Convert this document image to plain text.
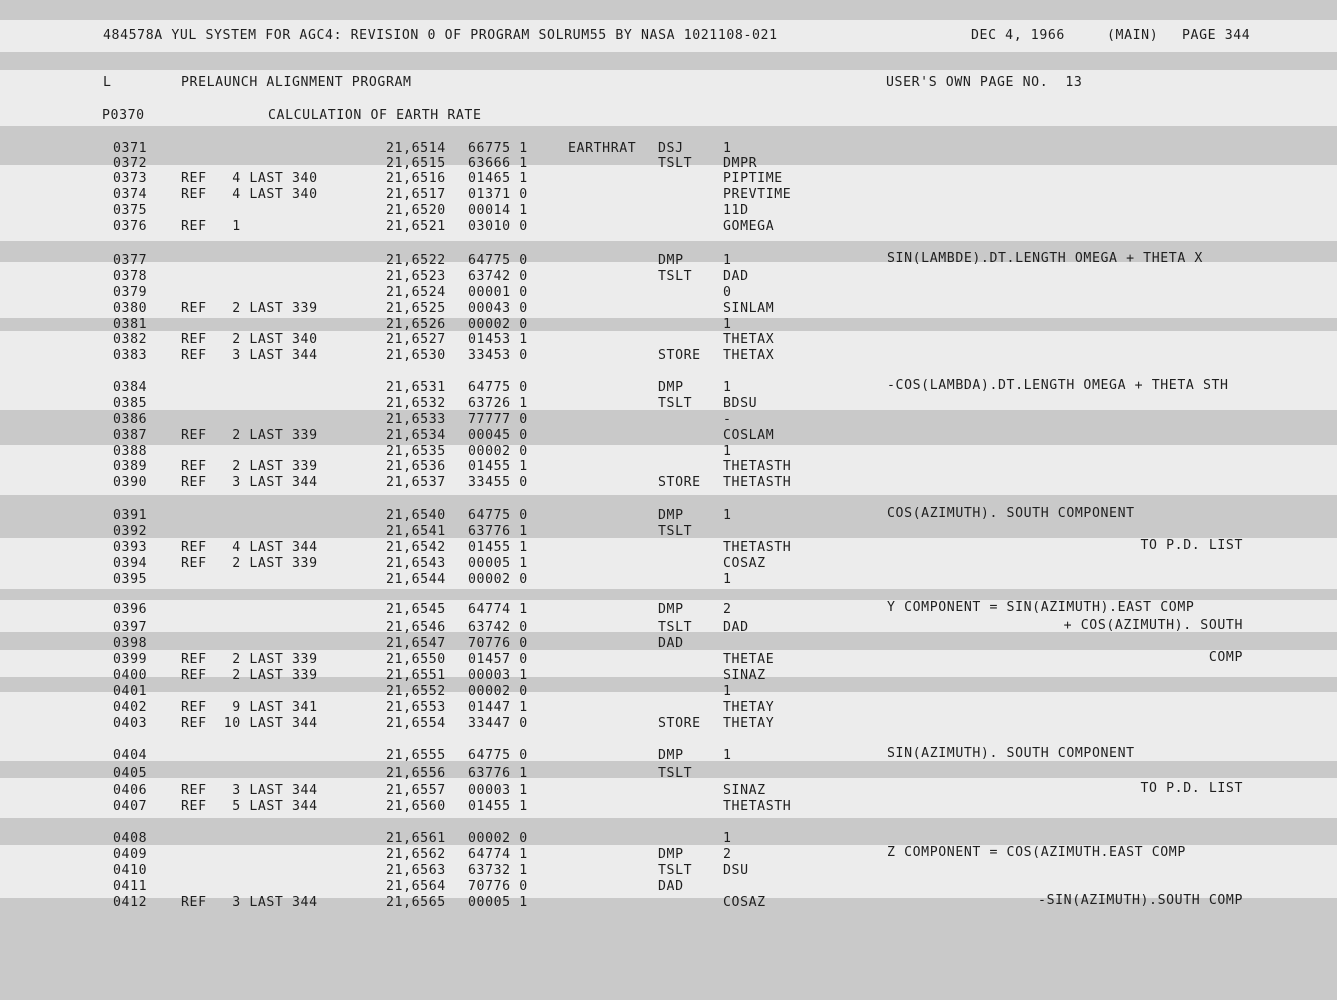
484578A YUL SYSTEM FOR AGC4: REVISION 0 OF PROGRAM SOLRUM55 BY NASA 1021108-021	DEC 4, 1966	(MAIN) PAGE 344
L	PRELAUNCH ALIGNMENT PROGRAM	USER'S OWN PAGE NO.  13
P0370	CALCULATION OF EARTH RATE
0371	21,6514 66775 1	EARTHRAT DSJ	1
0372	21,6515 63666 1	TSLT DMPR
0373	REF   4 LAST 340	21,6516 01465 1	PIPTIME
0374	REF   4 LAST 340	21,6517 01371 0	PREVTIME
0375	21,6520 00014 1	11D
0376	REF   1	21,6521 03010 0	GOMEGA
0377	21,6522 64775 0	DMP	1	SIN(LAMBDE).DT.LENGTH OMEGA + THETA X
0378	21,6523 63742 0	TSLT DAD
0379	21,6524 00001 0	0
0380	REF   2 LAST 339	21,6525 00043 0	SINLAM
0381	21,6526 00002 0	1
0382	REF   2 LAST 340	21,6527 01453 1	THETAX
0383	REF   3 LAST 344	21,6530 33453 0	STORE THETAX
0384	21,6531 64775 0	DMP	1	-COS(LAMBDA).DT.LENGTH OMEGA + THETA STH
0385	21,6532 63726 1	TSLT BDSU
0386	21,6533 77777 0	-
0387	REF   2 LAST 339	21,6534 00045 0	COSLAM
0388	21,6535 00002 0	1
0389	REF   2 LAST 339	21,6536 01455 1	THETASTH
0390	REF   3 LAST 344	21,6537 33455 0	STORE THETASTH
0391	21,6540 64775 0	DMP	1	COS(AZIMUTH). SOUTH COMPONENT
0392	21,6541 63776 1	TSLT
0393	REF   4 LAST 344	21,6542 01455 1	THETASTH	TO P.D. LIST
0394	REF   2 LAST 339	21,6543 00005 1	COSAZ
0395	21,6544 00002 0	1
0396	21,6545 64774 1	DMP	2	Y COMPONENT = SIN(AZIMUTH).EAST COMP
0397	21,6546 63742 0	TSLT DAD	+ COS(AZIMUTH). SOUTH
0398	21,6547 70776 0	DAD
0399	REF   2 LAST 339	21,6550 01457 0	THETAE	COMP
0400	REF   2 LAST 339	21,6551 00003 1	SINAZ
0401	21,6552 00002 0	1
0402	REF   9 LAST 341	21,6553 01447 1	THETAY
0403	REF  10 LAST 344	21,6554 33447 0	STORE THETAY
0404	21,6555 64775 0	DMP	1	SIN(AZIMUTH). SOUTH COMPONENT
0405	21,6556 63776 1	TSLT
0406	REF   3 LAST 344	21,6557 00003 1	SINAZ	TO P.D. LIST
0407	REF   5 LAST 344	21,6560 01455 1	THETASTH
0408	21,6561 00002 0	1
0409	21,6562 64774 1	DMP	2	Z COMPONENT = COS(AZIMUTH.EAST COMP
0410	21,6563 63732 1	TSLT DSU
0411	21,6564 70776 0	DAD
0412	REF   3 LAST 344	21,6565 00005 1	COSAZ	-SIN(AZIMUTH).SOUTH COMP
